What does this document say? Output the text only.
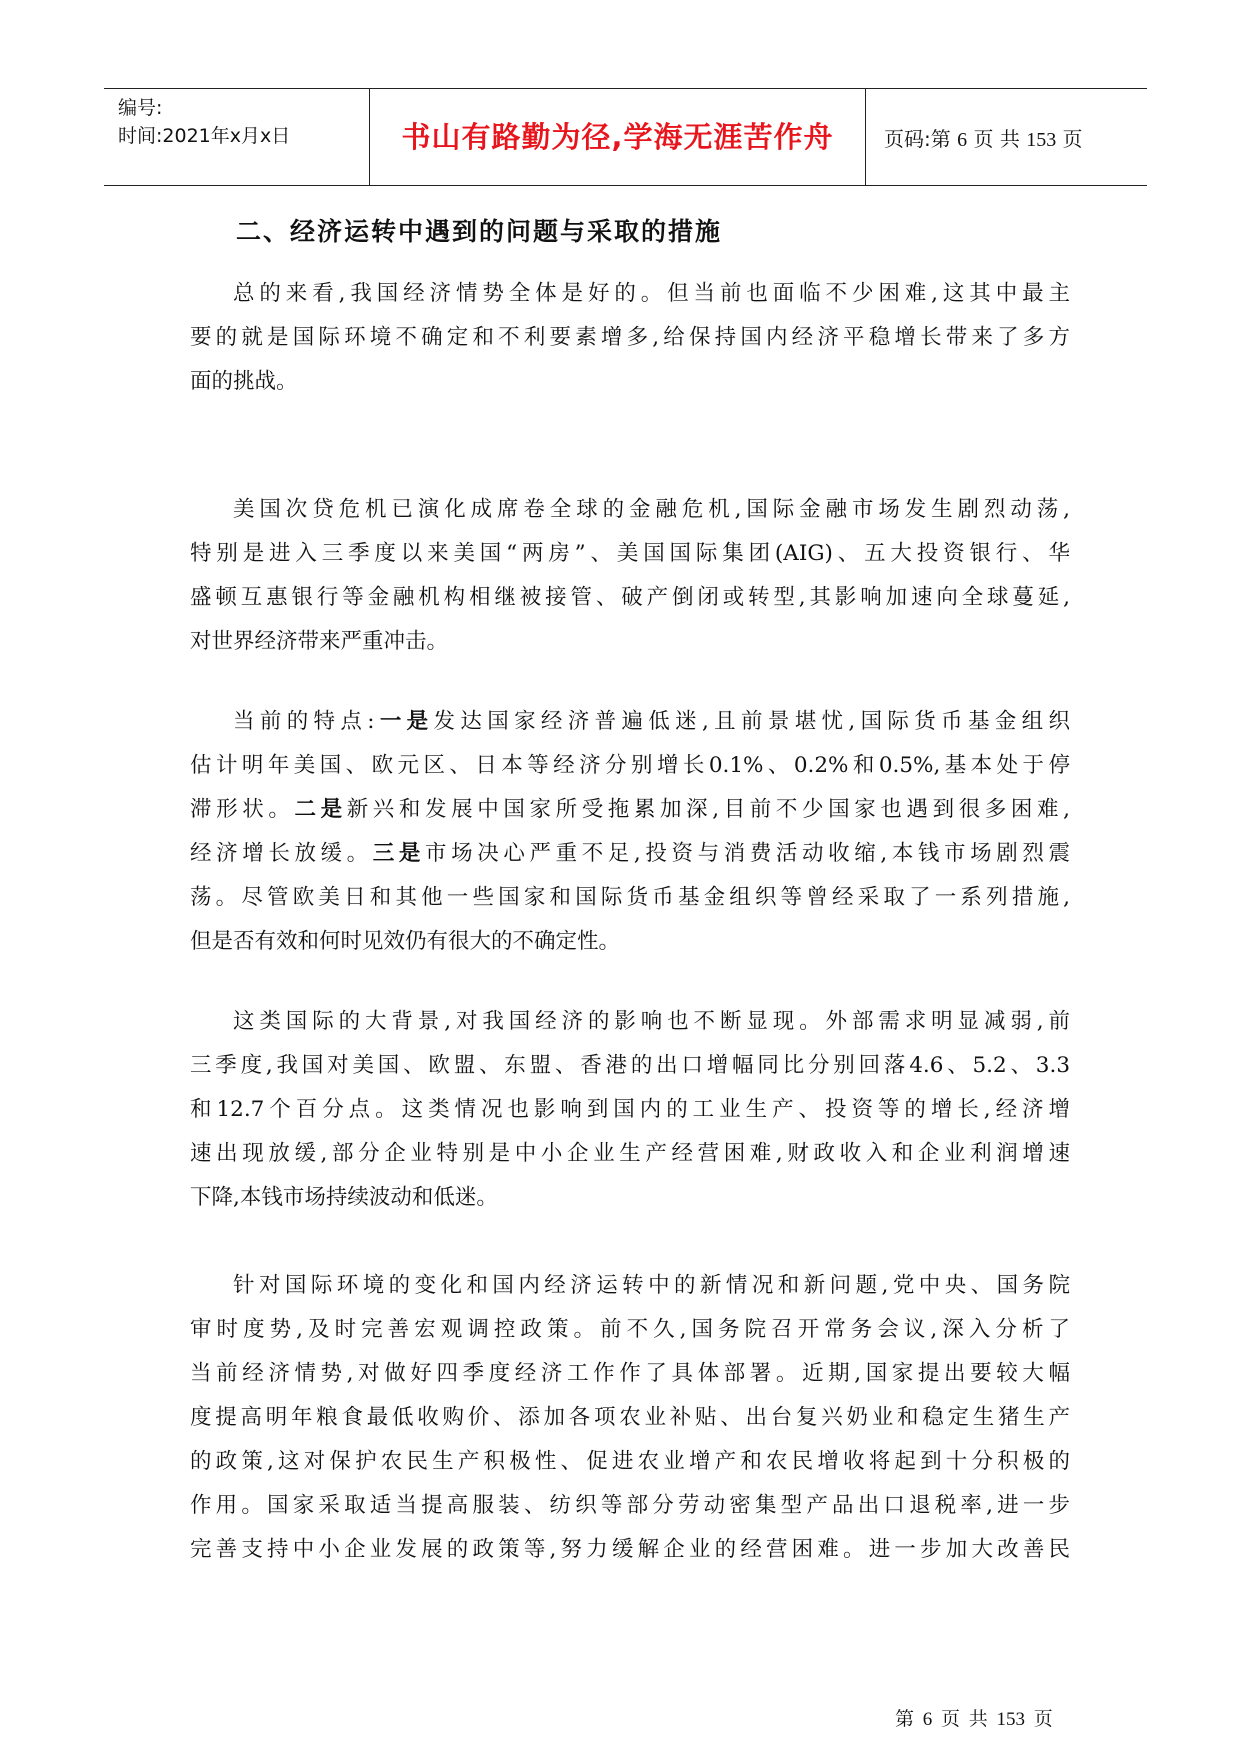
编号:
时间:2021年x月x日	书山有路勤为径,学海无涯苦作舟	页码:第 6 页 共 153 页
二、经济运转中遇到的问题与采取的措施
总的来看,我国经济情势全体是好的。但当前也面临不少困难,这其中最主
要的就是国际环境不确定和不利要素增多,给保持国内经济平稳增长带来了多方
面的挑战。
美国次贷危机已演化成席卷全球的金融危机,国际金融市场发生剧烈动荡,
特别是进入三季度以来美国“两房”、美国国际集团(AIG)、五大投资银行、华
盛顿互惠银行等金融机构相继被接管、破产倒闭或转型,其影响加速向全球蔓延,
对世界经济带来严重冲击。
当前的特点:一是发达国家经济普遍低迷,且前景堪忧,国际货币基金组织
估计明年美国、欧元区、日本等经济分别增长0.1%、0.2%和0.5%,基本处于停
滞形状。二是新兴和发展中国家所受拖累加深,目前不少国家也遇到很多困难,
经济增长放缓。三是市场决心严重不足,投资与消费活动收缩,本钱市场剧烈震
荡。尽管欧美日和其他一些国家和国际货币基金组织等曾经采取了一系列措施,
但是否有效和何时见效仍有很大的不确定性。
这类国际的大背景,对我国经济的影响也不断显现。外部需求明显减弱,前
三季度,我国对美国、欧盟、东盟、香港的出口增幅同比分别回落4.6、5.2、3.3
和12.7个百分点。这类情况也影响到国内的工业生产、投资等的增长,经济增
速出现放缓,部分企业特别是中小企业生产经营困难,财政收入和企业利润增速
下降,本钱市场持续波动和低迷。
针对国际环境的变化和国内经济运转中的新情况和新问题,党中央、国务院
审时度势,及时完善宏观调控政策。前不久,国务院召开常务会议,深入分析了
当前经济情势,对做好四季度经济工作作了具体部署。近期,国家提出要较大幅
度提高明年粮食最低收购价、添加各项农业补贴、出台复兴奶业和稳定生猪生产
的政策,这对保护农民生产积极性、促进农业增产和农民增收将起到十分积极的
作用。国家采取适当提高服装、纺织等部分劳动密集型产品出口退税率,进一步
完善支持中小企业发展的政策等,努力缓解企业的经营困难。进一步加大改善民
第 6 页 共 153 页
